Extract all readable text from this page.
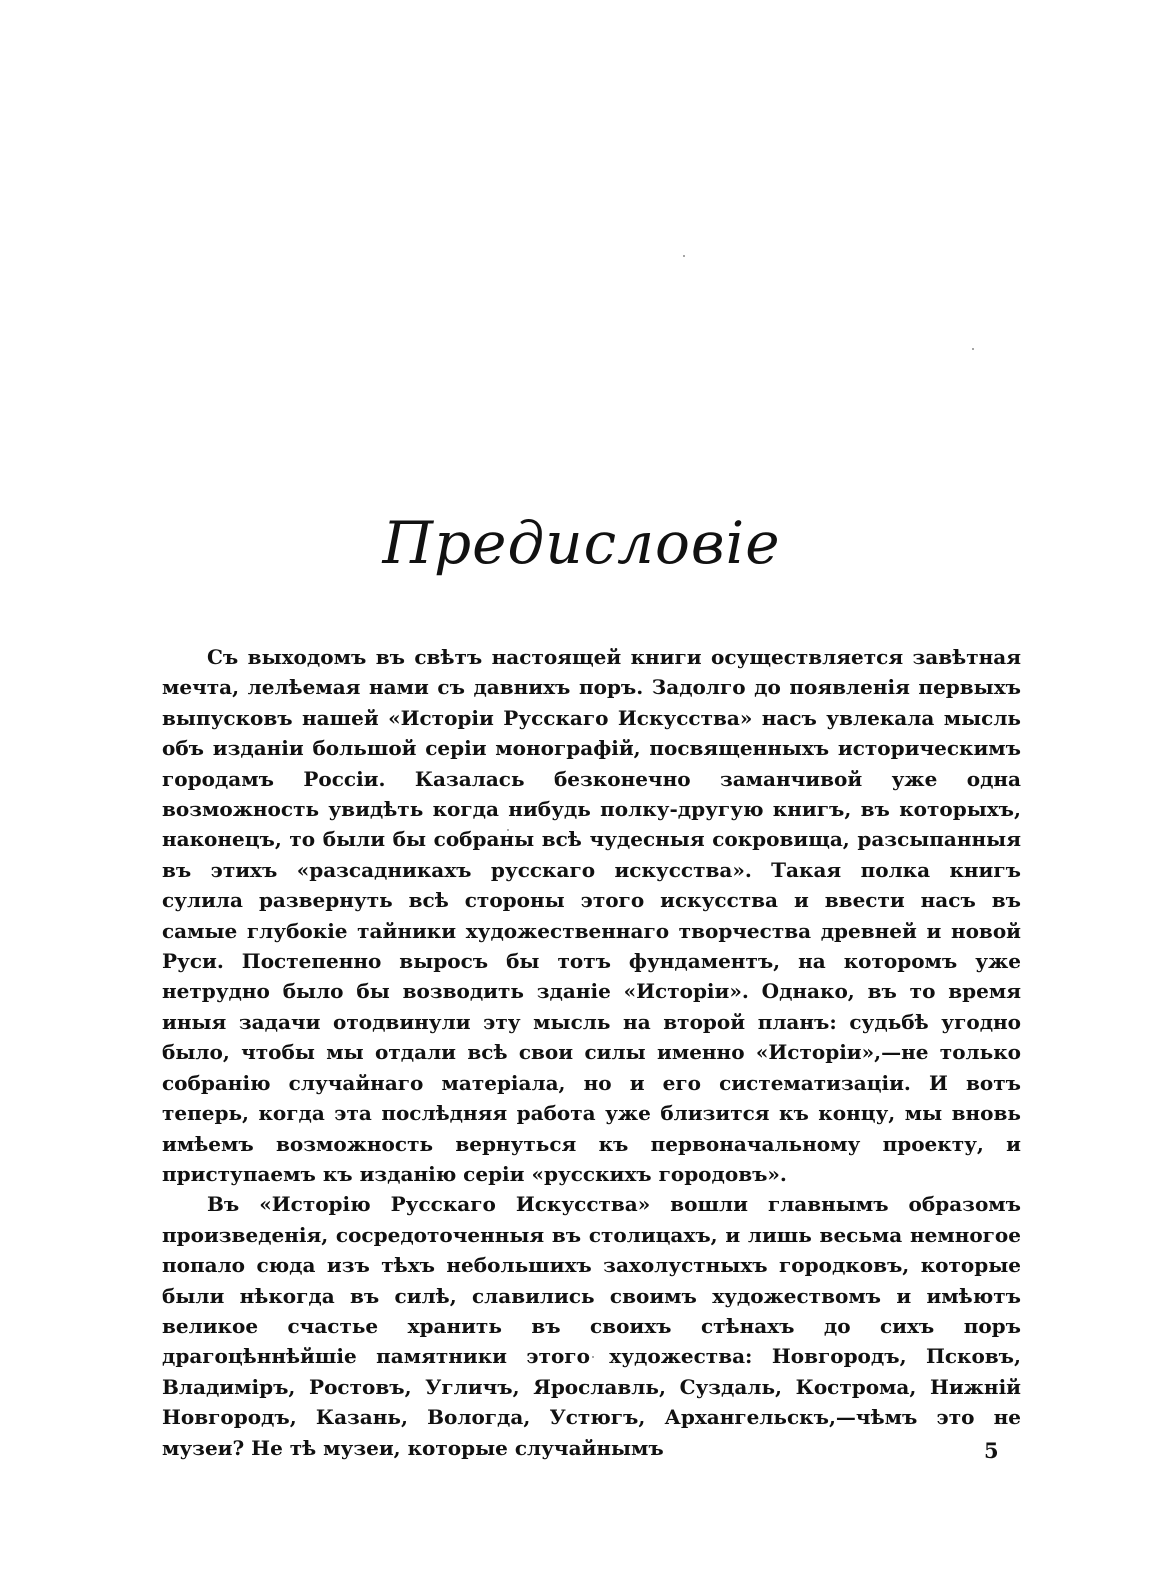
Предисловіе

Съ выходомъ въ свѣтъ настоящей книги осуществляется завѣтная мечта, лелѣемая нами съ давнихъ поръ. Задолго до появленія первыхъ выпусковъ нашей «Исторіи Русскаго Искусства» насъ увлекала мысль объ изданіи большой серіи монографій, посвященныхъ историческимъ городамъ Россіи. Казалась безконечно заманчивой уже одна возможность увидѣть когда нибудь полку-другую книгъ, въ которыхъ, наконецъ, то были бы собраны всѣ чудесныя сокровища, разсыпанныя въ этихъ «разсадникахъ русскаго искусства». Такая полка книгъ сулила развернуть всѣ стороны этого искусства и ввести насъ въ самые глубокіе тайники художественнаго творчества древней и новой Руси. Постепенно выросъ бы тотъ фундаментъ, на которомъ уже нетрудно было бы возводить зданіе «Исторіи». Однако, въ то время иныя задачи отодвинули эту мысль на второй планъ: судьбѣ угодно было, чтобы мы отдали всѣ свои силы именно «Исторіи»,—не только собранію случайнаго матеріала, но и его систематизаціи. И вотъ теперь, когда эта послѣдняя работа уже близится къ концу, мы вновь имѣемъ возможность вернуться къ первоначальному проекту, и приступаемъ къ изданію серіи «русскихъ городовъ».

Въ «Исторію Русскаго Искусства» вошли главнымъ образомъ произведенія, сосредоточенныя въ столицахъ, и лишь весьма немногое попало сюда изъ тѣхъ небольшихъ захолустныхъ городковъ, которые были нѣкогда въ силѣ, славились своимъ художествомъ и имѣютъ великое счастье хранить въ своихъ стѣнахъ до сихъ поръ драгоцѣннѣйшіе памятники этого художества: Новгородъ, Псковъ, Владиміръ, Ростовъ, Угличъ, Ярославль, Суздаль, Кострома, Нижній Новгородъ, Казань, Вологда, Устюгъ, Архангельскъ,—чѣмъ это не музеи? Не тѣ музеи, которые случайнымъ	5
